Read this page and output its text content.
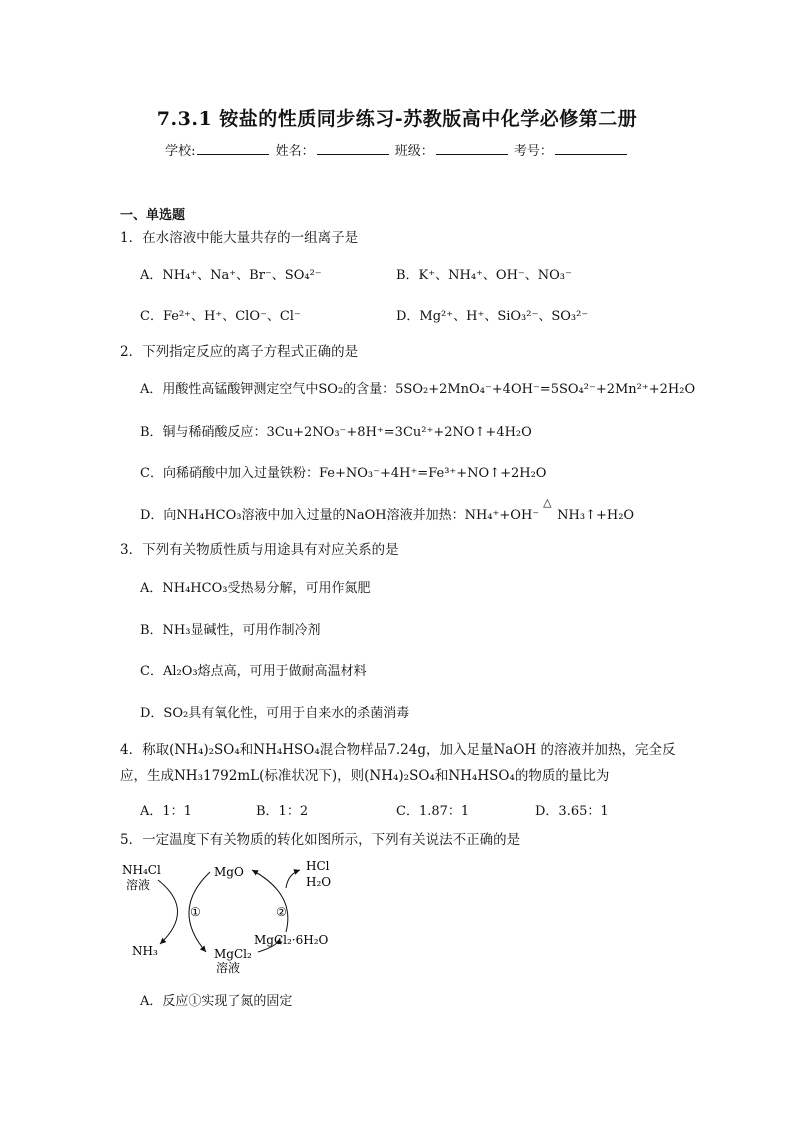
7.3.1 铵盐的性质同步练习-苏教版高中化学必修第二册
学校:	姓名：	班级：	考号：
一、单选题
1．在水溶液中能大量共存的一组离子是
A．NH₄⁺、Na⁺、Br⁻、SO₄²⁻	B．K⁺、NH₄⁺、OH⁻、NO₃⁻
C．Fe²⁺、H⁺、ClO⁻、Cl⁻	D．Mg²⁺、H⁺、SiO₃²⁻、SO₃²⁻
2．下列指定反应的离子方程式正确的是
A．用酸性高锰酸钾测定空气中SO₂的含量：5SO₂+2MnO₄⁻+4OH⁻=5SO₄²⁻+2Mn²⁺+2H₂O
B．铜与稀硝酸反应：3Cu+2NO₃⁻+8H⁺=3Cu²⁺+2NO↑+4H₂O
C．向稀硝酸中加入过量铁粉：Fe+NO₃⁻+4H⁺=Fe³⁺+NO↑+2H₂O
D．向NH₄HCO₃溶液中加入过量的NaOH溶液并加热：NH₄⁺+OH⁻
△
NH₃↑+H₂O
3．下列有关物质性质与用途具有对应关系的是
A．NH₄HCO₃受热易分解，可用作氮肥
B．NH₃显碱性，可用作制冷剂
C．Al₂O₃熔点高，可用于做耐高温材料
D．SO₂具有氧化性，可用于自来水的杀菌消毒
4．称取(NH₄)₂SO₄和NH₄HSO₄混合物样品7.24g，加入足量NaOH 的溶液并加热，完全反
应，生成NH₃1792mL(标准状况下)，则(NH₄)₂SO₄和NH₄HSO₄的物质的量比为
A．1：1	B．1：2	C．1.87：1	D．3.65：1
5．一定温度下有关物质的转化如图所示，下列有关说法不正确的是
NH₄Cl
溶液
NH₃
MgO	HCl
H₂O
MgCl₂
溶液
MgCl₂·6H₂O
①	②
A．反应①实现了氮的固定
